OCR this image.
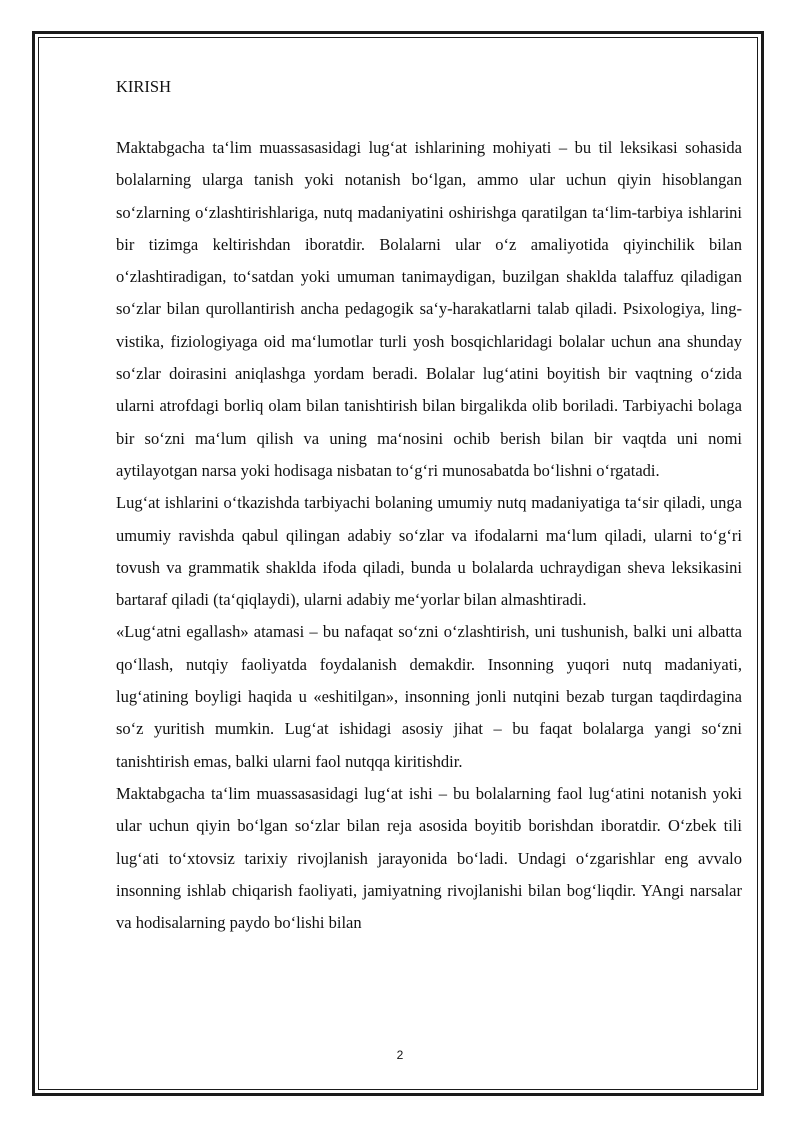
KIRISH

Maktabgacha ta‘lim muassasasidagi lug‘at ishlarining mohiyati – bu til leksikasi sohasida bolalarning ularga tanish yoki notanish bo‘lgan, ammo ular uchun qiyin hisoblangan so‘zlarning o‘zlashtirishlariga, nutq madaniyatini oshirishga qaratilgan ta‘lim-tarbiya ishlarini bir tizimga keltirishdan iboratdir. Bolalarni ular o‘z amaliyotida qiyinchilik bilan o‘zlashtiradigan, to‘satdan yoki umuman tanimaydigan, buzilgan shaklda talaffuz qiladigan so‘zlar bilan qurollantirish ancha pedagogik sa‘y-harakatlarni talab qiladi. Psixologiya, ling-vistika, fiziologiyaga oid ma‘lumotlar turli yosh bosqichlaridagi bolalar uchun ana shunday so‘zlar doirasini aniqlashga yordam beradi. Bolalar lug‘atini boyitish bir vaqtning o‘zida ularni atrofdagi borliq olam bilan tanishtirish bilan birgalikda olib boriladi. Tarbiyachi bolaga bir so‘zni ma‘lum qilish va uning ma‘nosini ochib berish bilan bir vaqtda uni nomi aytilayotgan narsa yoki hodisaga nisbatan to‘g‘ri munosabatda bo‘lishni o‘rgatadi.

Lug‘at ishlarini o‘tkazishda tarbiyachi bolaning umumiy nutq madaniyatiga ta‘sir qiladi, unga umumiy ravishda qabul qilingan adabiy so‘zlar va ifodalarni ma‘lum qiladi, ularni to‘g‘ri tovush va grammatik shaklda ifoda qiladi, bunda u bolalarda uchraydigan sheva leksikasini bartaraf qiladi (ta‘qiqlaydi), ularni adabiy me‘yorlar bilan almashtiradi.

«Lug‘atni egallash» atamasi – bu nafaqat so‘zni o‘zlashtirish, uni tushunish, balki uni albatta qo‘llash, nutqiy faoliyatda foydalanish demakdir. Insonning yuqori nutq madaniyati, lug‘atining boyligi haqida u «eshitilgan», insonning jonli nutqini bezab turgan taqdirdagina so‘z yuritish mumkin. Lug‘at ishidagi asosiy jihat – bu faqat bolalarga yangi so‘zni tanishtirish emas, balki ularni faol nutqqa kiritishdir.

Maktabgacha ta‘lim muassasasidagi lug‘at ishi – bu bolalarning faol lug‘atini notanish yoki ular uchun qiyin bo‘lgan so‘zlar bilan reja asosida boyitib borishdan iboratdir. O‘zbek tili lug‘ati to‘xtovsiz tarixiy rivojlanish jarayonida bo‘ladi. Undagi o‘zgarishlar eng avvalo insonning ishlab chiqarish faoliyati, jamiyatning rivojlanishi bilan bog‘liqdir. YAngi narsalar va hodisalarning paydo bo‘lishi bilan

2
